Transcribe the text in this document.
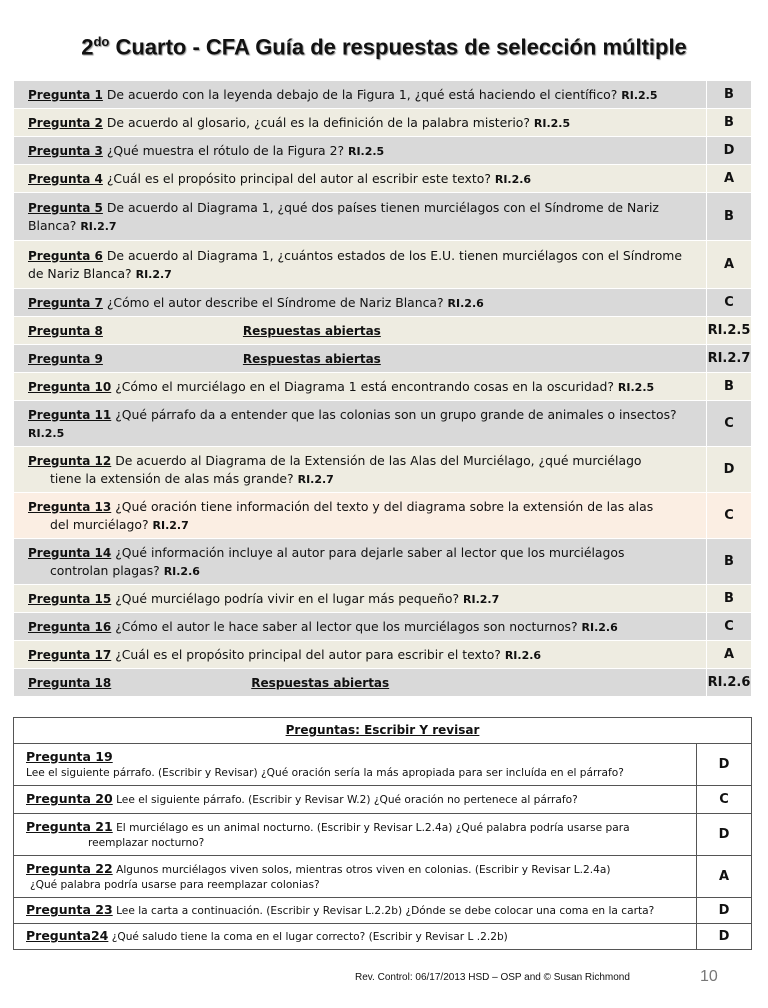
$2^{do}$ Cuarto - CFA Guía de respuestas de selección múltiple
Pregunta 1 De acuerdo con la leyenda debajo de la Figura 1, ¿qué está haciendo el científico? RI.2.5	B
Pregunta 2 De acuerdo al glosario, ¿cuál es la definición de la palabra misterio? RI.2.5	B
Pregunta 3 ¿Qué muestra el rótulo de la Figura 2? RI.2.5	D
Pregunta 4 ¿Cuál es el propósito principal del autor al escribir este texto? RI.2.6	A
Pregunta 5 De acuerdo al Diagrama 1, ¿qué dos países tienen murciélagos con el Síndrome de Nariz Blanca? RI.2.7	B
Pregunta 6 De acuerdo al Diagrama 1, ¿cuántos estados de los E.U. tienen murciélagos con el Síndrome de Nariz Blanca? RI.2.7	A
Pregunta 7 ¿Cómo el autor describe el Síndrome de Nariz Blanca? RI.2.6	C
Pregunta 8 Respuestas abiertas	RI.2.5
Pregunta 9 Respuestas abiertas	RI.2.7
Pregunta 10 ¿Cómo el murciélago en el Diagrama 1 está encontrando cosas en la oscuridad? RI.2.5	B
Pregunta 11 ¿Qué párrafo da a entender que las colonias son un grupo grande de animales o insectos? RI.2.5	C
Pregunta 12 De acuerdo al Diagrama de la Extensión de las Alas del Murciélago, ¿qué murciélago
tiene la extensión de alas más grande? RI.2.7	D
Pregunta 13 ¿Qué oración tiene información del texto y del diagrama sobre la extensión de las alas
del murciélago? RI.2.7	C
Pregunta 14 ¿Qué información incluye al autor para dejarle saber al lector que los murciélagos
controlan plagas? RI.2.6	B
Pregunta 15 ¿Qué murciélago podría vivir en el lugar más pequeño? RI.2.7	B
Pregunta 16 ¿Cómo el autor le hace saber al lector que los murciélagos son nocturnos? RI.2.6	C
Pregunta 17 ¿Cuál es el propósito principal del autor para escribir el texto? RI.2.6	A
Pregunta 18 Respuestas abiertas	RI.2.6
Preguntas: Escribir Y revisar	
Pregunta 19
Lee el siguiente párrafo. (Escribir y Revisar) ¿Qué oración sería la más apropiada para ser incluída en el párrafo?	D
Pregunta 20 Lee el siguiente párrafo. (Escribir y Revisar W.2) ¿Qué oración no pertenece al párrafo?	C
Pregunta 21 El murciélago es un animal nocturno. (Escribir y Revisar L.2.4a) ¿Qué palabra podría usarse para
reemplazar nocturno?	D
Pregunta 22 Algunos murciélagos viven solos, mientras otros viven en colonias. (Escribir y Revisar L.2.4a)
¿Qué palabra podría usarse para reemplazar colonias?	A
Pregunta 23 Lee la carta a continuación. (Escribir y Revisar L.2.2b) ¿Dónde se debe colocar una coma en la carta?	D
Pregunta24 ¿Qué saludo tiene la coma en el lugar correcto? (Escribir y Revisar L .2.2b)	D
Rev. Control: 06/17/2013 HSD – OSP and © Susan Richmond	10
